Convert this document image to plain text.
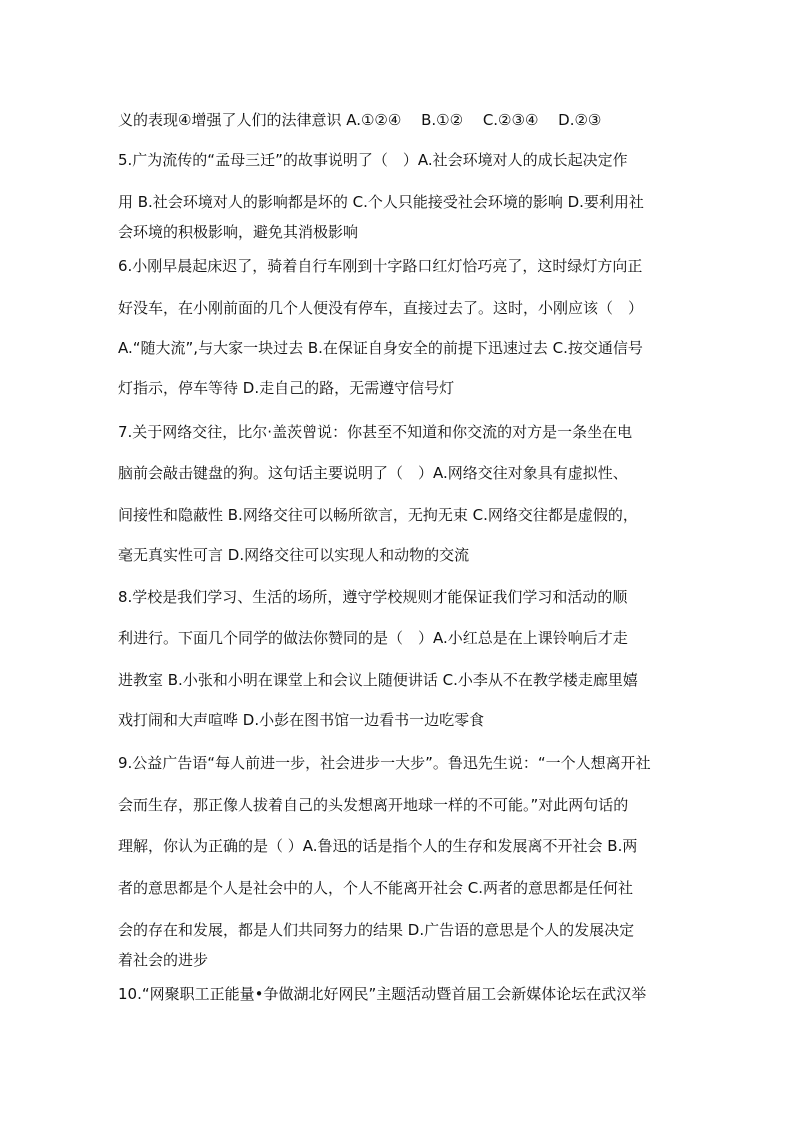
义的表现④增强了人们的法律意识 A.①②④　 B.①②　 C.②③④　 D.②③
5.广为流传的“孟母三迁”的故事说明了（　）A.社会环境对人的成长起决定作
用 B.社会环境对人的影响都是坏的 C.个人只能接受社会环境的影响 D.要利用社
会环境的积极影响，避免其消极影响
6.小刚早晨起床迟了，骑着自行车刚到十字路口红灯恰巧亮了，这时绿灯方向正
好没车，在小刚前面的几个人便没有停车，直接过去了。这时，小刚应该（　）
A.“随大流”,与大家一块过去 B.在保证自身安全的前提下迅速过去 C.按交通信号
灯指示，停车等待 D.走自己的路，无需遵守信号灯
7.关于网络交往，比尔·盖茨曾说：你甚至不知道和你交流的对方是一条坐在电
脑前会敲击键盘的狗。这句话主要说明了（　）A.网络交往对象具有虚拟性、
间接性和隐蔽性 B.网络交往可以畅所欲言，无拘无束 C.网络交往都是虚假的，
毫无真实性可言 D.网络交往可以实现人和动物的交流
8.学校是我们学习、生活的场所，遵守学校规则才能保证我们学习和活动的顺
利进行。下面几个同学的做法你赞同的是（　）A.小红总是在上课铃响后才走
进教室 B.小张和小明在课堂上和会议上随便讲话 C.小李从不在教学楼走廊里嬉
戏打闹和大声喧哗 D.小彭在图书馆一边看书一边吃零食
9.公益广告语“每人前进一步，社会进步一大步”。鲁迅先生说：“一个人想离开社
会而生存，那正像人拔着自己的头发想离开地球一样的不可能。”对此两句话的
理解，你认为正确的是（ ）A.鲁迅的话是指个人的生存和发展离不开社会 B.两
者的意思都是个人是社会中的人，个人不能离开社会 C.两者的意思都是任何社
会的存在和发展，都是人们共同努力的结果 D.广告语的意思是个人的发展决定
着社会的进步
10.“网聚职工正能量•争做湖北好网民”主题活动暨首届工会新媒体论坛在武汉举
